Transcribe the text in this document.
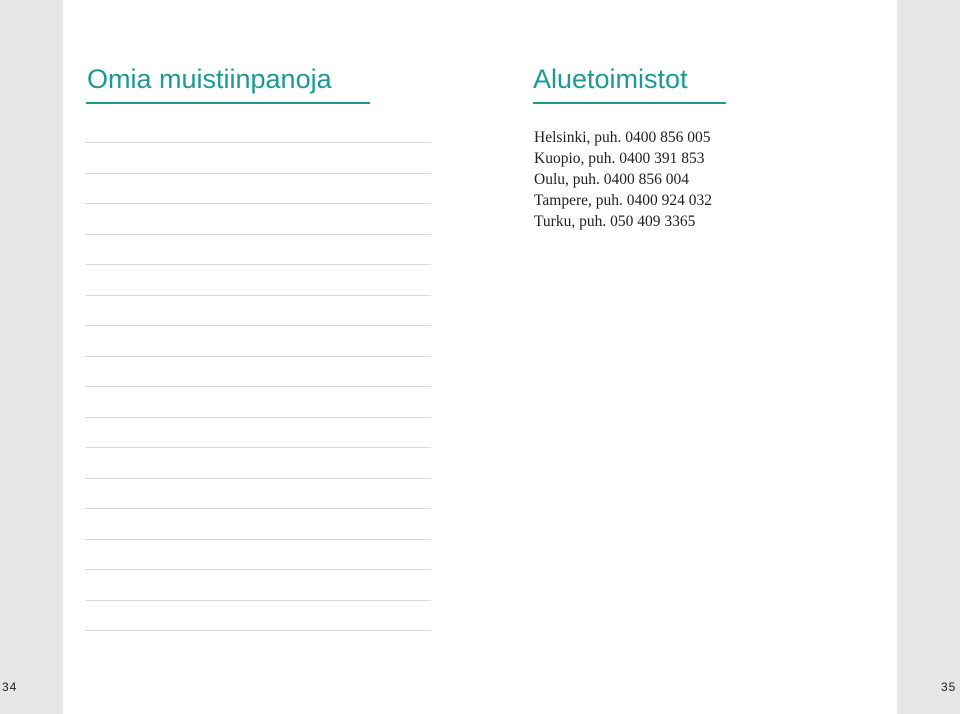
Omia muistiinpanoja	Aluetoimistot
Helsinki, puh. 0400 856 005
Kuopio, puh. 0400 391 853
Oulu, puh. 0400 856 004
Tampere, puh. 0400 924 032
Turku, puh. 050 409 3365
34	35
